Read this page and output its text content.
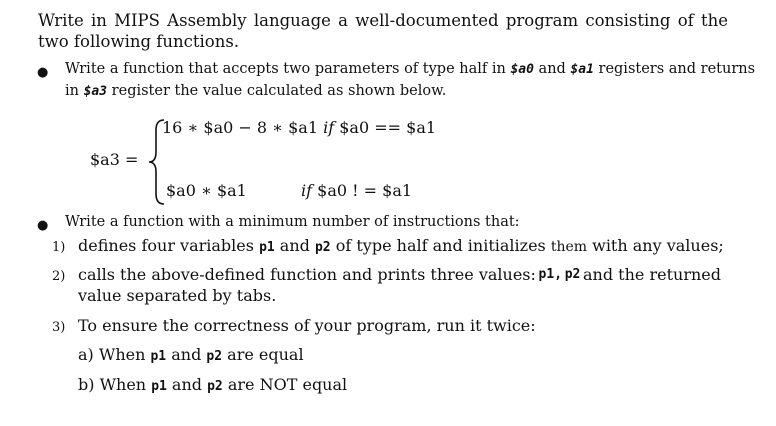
Write in MIPS Assembly language a well-documented program consisting of the two following functions.
● Write a function that accepts two parameters of type half in $a0 and $a1 registers and returns
in $a3 register the value calculated as shown below.
$a3 =
16 ∗ $a0 − 8 ∗ $a1 if $a0 == $a1
$a0 ∗ $a1	if $a0 ! = $a1
● Write a function with a minimum number of instructions that:
1) defines four variables p1 and p2 of type half and initializes them with any values;
2) calls the above-defined function and prints three values: p1, p2 and the returned
value separated by tabs.
3) To ensure the correctness of your program, run it twice:
a) When p1 and p2 are equal
b) When p1 and p2 are NOT equal
